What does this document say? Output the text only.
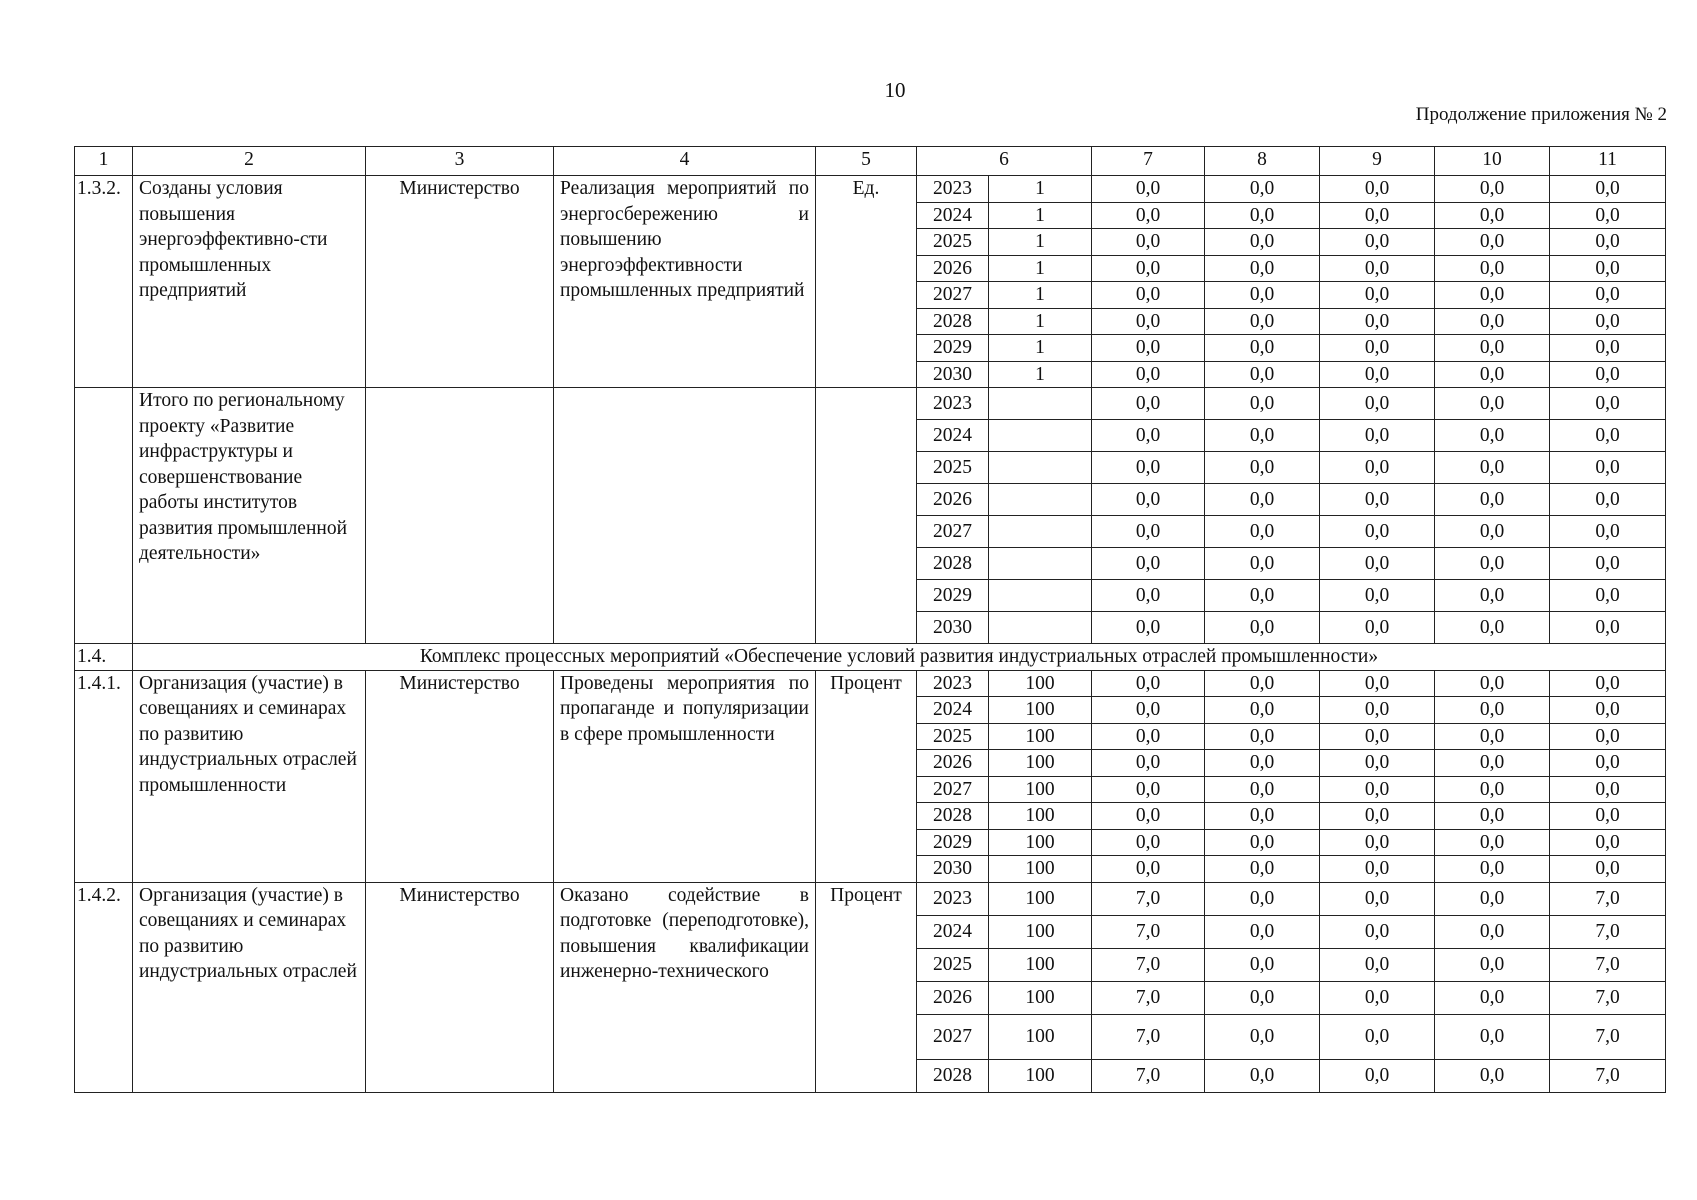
10
Продолжение приложения № 2
1	2	3	4	5	6		7	8	9	10	11
1.3.2.	Созданы условия повышения энергоэффективно-сти промышленных предприятий	Министерство	Реализация мероприятий по энергосбережению и повышению энергоэффективности промышленных предприятий	Ед.	2023	1	0,0	0,0	0,0	0,0	0,0
					2024	1	0,0	0,0	0,0	0,0	0,0
					2025	1	0,0	0,0	0,0	0,0	0,0
					2026	1	0,0	0,0	0,0	0,0	0,0
					2027	1	0,0	0,0	0,0	0,0	0,0
					2028	1	0,0	0,0	0,0	0,0	0,0
					2029	1	0,0	0,0	0,0	0,0	0,0
					2030	1	0,0	0,0	0,0	0,0	0,0
	Итого по региональному проекту «Развитие инфраструктуры и совершенствование работы институтов развития промышленной деятельности»				2023		0,0	0,0	0,0	0,0	0,0
					2024		0,0	0,0	0,0	0,0	0,0
					2025		0,0	0,0	0,0	0,0	0,0
					2026		0,0	0,0	0,0	0,0	0,0
					2027		0,0	0,0	0,0	0,0	0,0
					2028		0,0	0,0	0,0	0,0	0,0
					2029		0,0	0,0	0,0	0,0	0,0
					2030		0,0	0,0	0,0	0,0	0,0
1.4.	Комплекс процессных мероприятий «Обеспечение условий развития индустриальных отраслей промышленности»										
1.4.1.	Организация (участие) в совещаниях и семинарах по развитию индустриальных отраслей промышленности	Министерство	Проведены мероприятия по пропаганде и популяризации в сфере промышленности	Процент	2023	100	0,0	0,0	0,0	0,0	0,0
					2024	100	0,0	0,0	0,0	0,0	0,0
					2025	100	0,0	0,0	0,0	0,0	0,0
					2026	100	0,0	0,0	0,0	0,0	0,0
					2027	100	0,0	0,0	0,0	0,0	0,0
					2028	100	0,0	0,0	0,0	0,0	0,0
					2029	100	0,0	0,0	0,0	0,0	0,0
					2030	100	0,0	0,0	0,0	0,0	0,0
1.4.2.	Организация (участие) в совещаниях и семинарах по развитию индустриальных отраслей	Министерство	Оказано содействие в подготовке (переподготовке), повышения квалификации инженерно-технического	Процент	2023	100	7,0	0,0	0,0	0,0	7,0
					2024	100	7,0	0,0	0,0	0,0	7,0
					2025	100	7,0	0,0	0,0	0,0	7,0
					2026	100	7,0	0,0	0,0	0,0	7,0
					2027	100	7,0	0,0	0,0	0,0	7,0
					2028	100	7,0	0,0	0,0	0,0	7,0
